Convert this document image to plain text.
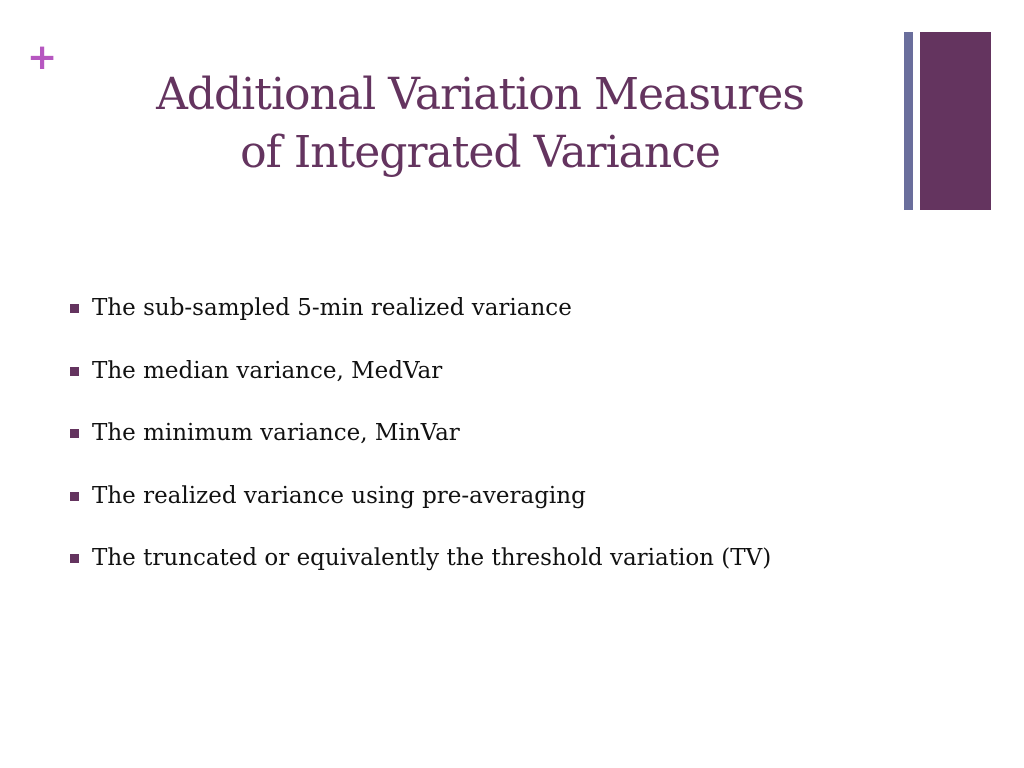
+
Additional Variation Measures
of Integrated Variance
The sub-sampled 5-min realized variance
The median variance, MedVar
The minimum variance, MinVar
The realized variance using pre-averaging
The truncated or equivalently the threshold variation (TV)
